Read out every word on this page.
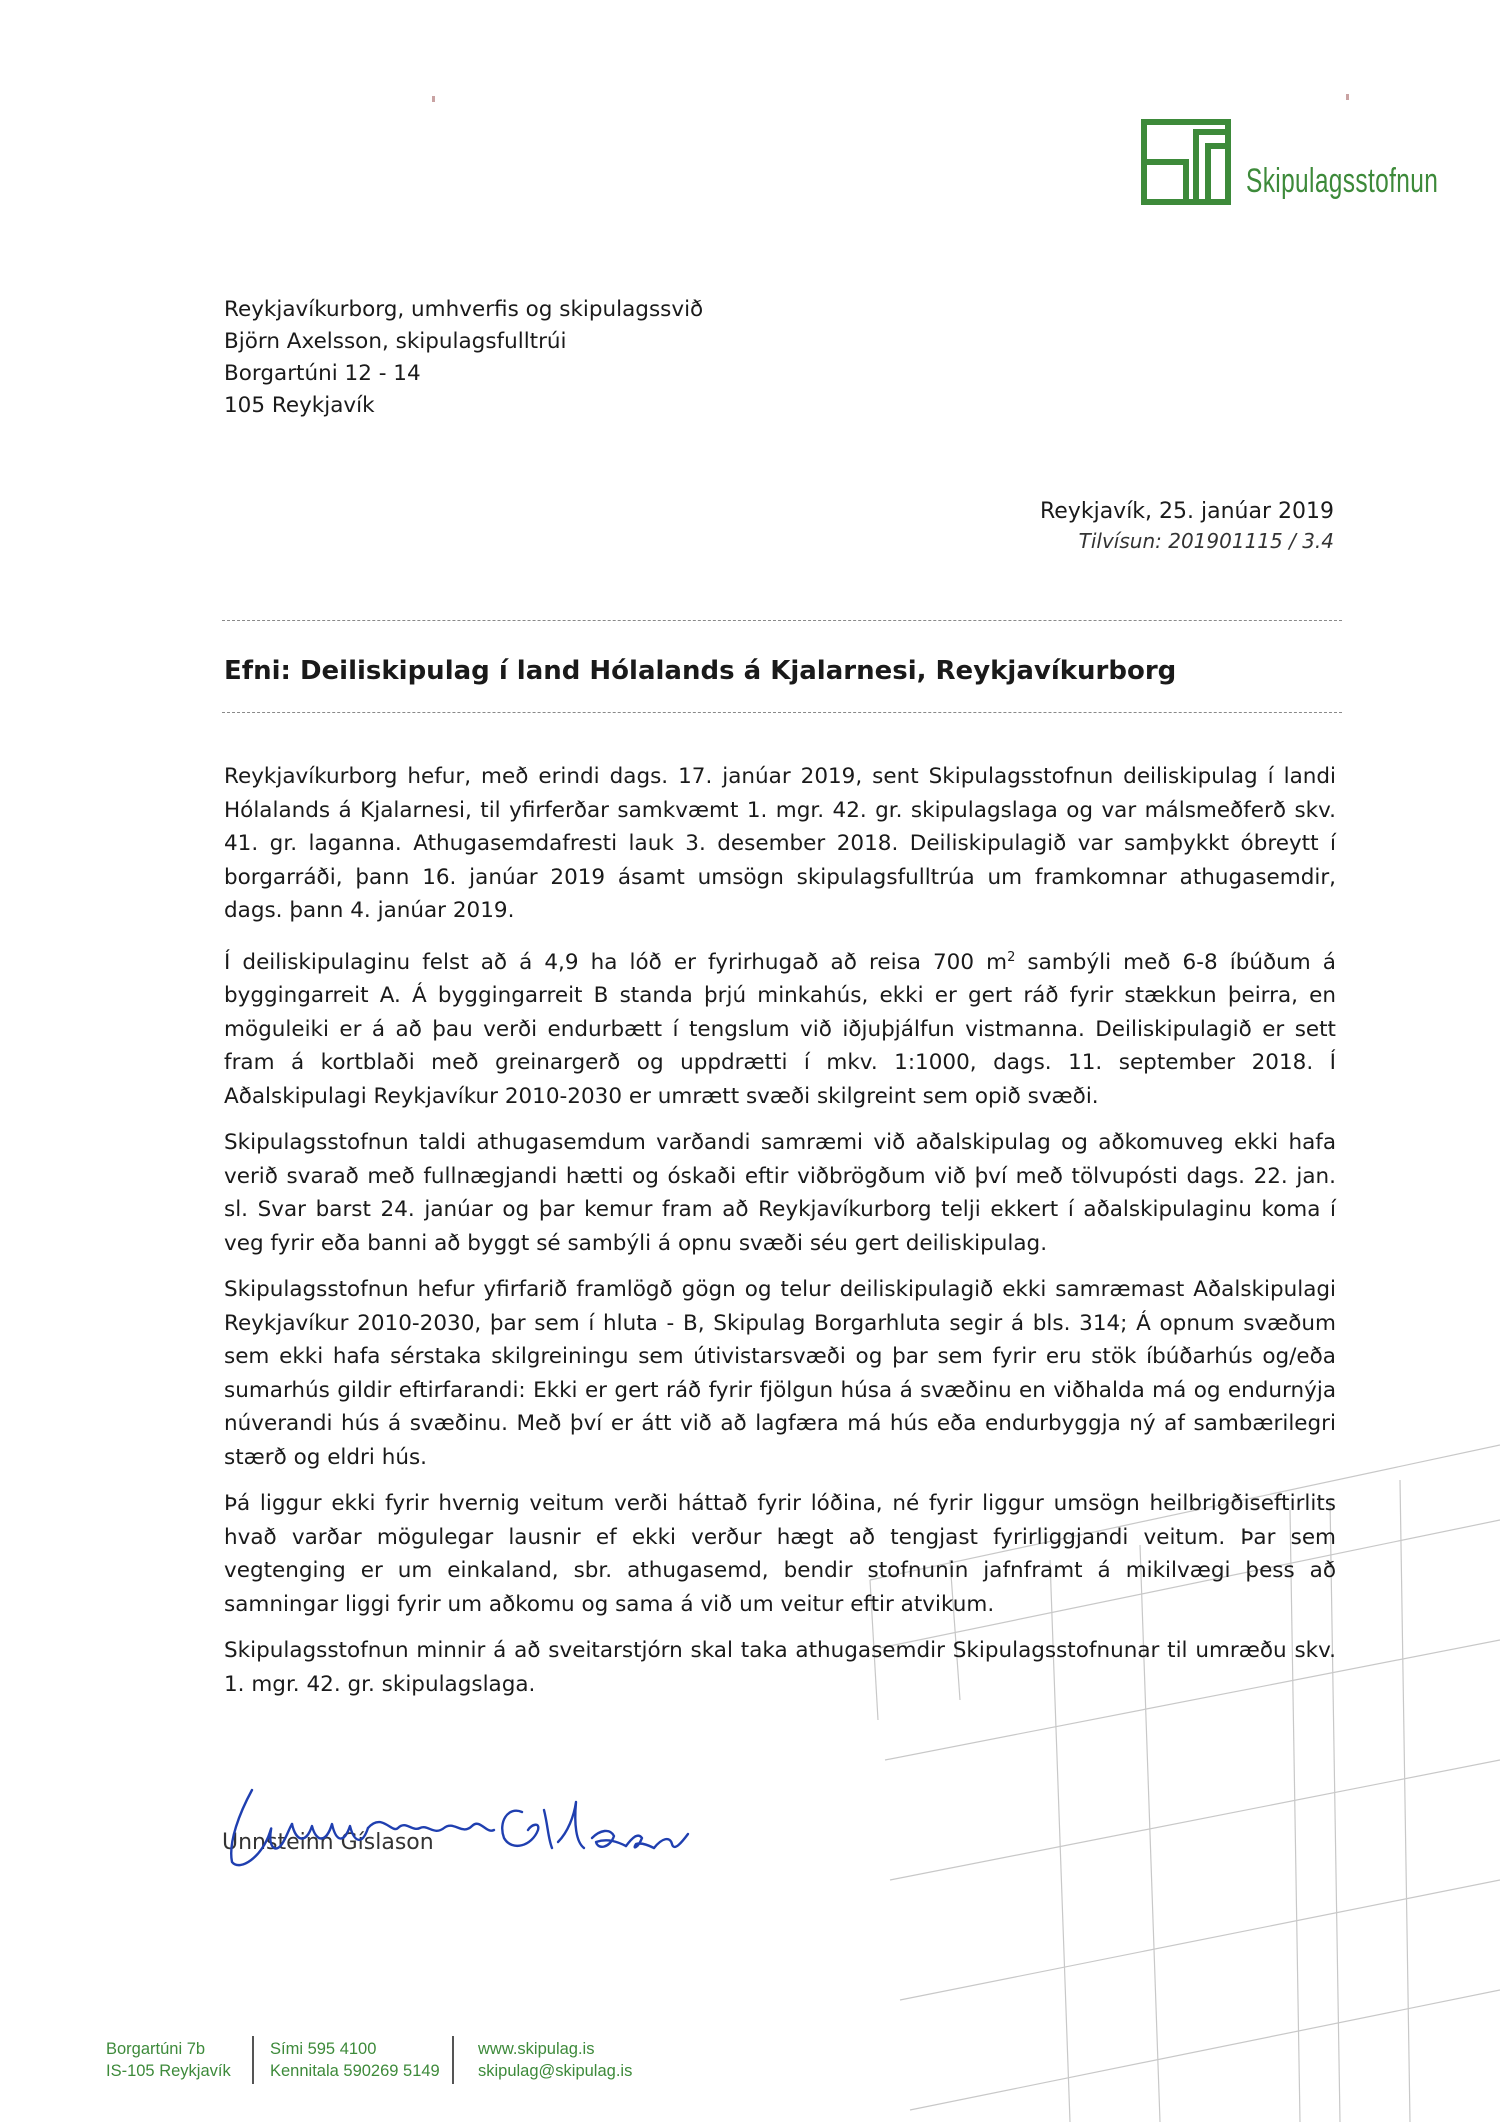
Skipulagsstofnun
Reykjavíkurborg, umhverfis og skipulagssvið
Björn Axelsson, skipulagsfulltrúi
Borgartúni 12 - 14
105 Reykjavík
Reykjavík, 25. janúar 2019
Tilvísun: 201901115 / 3.4
Efni: Deiliskipulag í land Hólalands á Kjalarnesi, Reykjavíkurborg

Reykjavíkurborg hefur, með erindi dags. 17. janúar 2019, sent Skipulagsstofnun deiliskipulag í landi Hólalands á Kjalarnesi, til yfirferðar samkvæmt 1. mgr. 42. gr. skipulagslaga og var málsmeðferð skv. 41. gr. laganna. Athugasemdafresti lauk 3. desember 2018. Deiliskipulagið var samþykkt óbreytt í borgarráði, þann 16. janúar 2019 ásamt umsögn skipulagsfulltrúa um framkomnar athugasemdir, dags. þann 4. janúar 2019.

Í deiliskipulaginu felst að á 4,9 ha lóð er fyrirhugað að reisa 700 $m^2$ sambýli með 6-8 íbúðum á byggingarreit A. Á byggingarreit B standa þrjú minkahús, ekki er gert ráð fyrir stækkun þeirra, en möguleiki er á að þau verði endurbætt í tengslum við iðjuþjálfun vistmanna. Deiliskipulagið er sett fram á kortblaði með greinargerð og uppdrætti í mkv. 1:1000, dags. 11. september 2018. Í Aðalskipulagi Reykjavíkur 2010-2030 er umrætt svæði skilgreint sem opið svæði.

Skipulagsstofnun taldi athugasemdum varðandi samræmi við aðalskipulag og aðkomuveg ekki hafa verið svarað með fullnægjandi hætti og óskaði eftir viðbrögðum við því með tölvupósti dags. 22. jan. sl. Svar barst 24. janúar og þar kemur fram að Reykjavíkurborg telji ekkert í aðalskipulaginu koma í veg fyrir eða banni að byggt sé sambýli á opnu svæði séu gert deiliskipulag.

Skipulagsstofnun hefur yfirfarið framlögð gögn og telur deiliskipulagið ekki samræmast Aðalskipulagi Reykjavíkur 2010-2030, þar sem í hluta - B, Skipulag Borgarhluta segir á bls. 314; Á opnum svæðum sem ekki hafa sérstaka skilgreiningu sem útivistarsvæði og þar sem fyrir eru stök íbúðarhús og/eða sumarhús gildir eftirfarandi: Ekki er gert ráð fyrir fjölgun húsa á svæðinu en viðhalda má og endurnýja núverandi hús á svæðinu. Með því er átt við að lagfæra má hús eða endurbyggja ný af sambærilegri stærð og eldri hús.

Þá liggur ekki fyrir hvernig veitum verði háttað fyrir lóðina, né fyrir liggur umsögn heilbrigðiseftirlits hvað varðar mögulegar lausnir ef ekki verður hægt að tengjast fyrirliggjandi veitum. Þar sem vegtenging er um einkaland, sbr. athugasemd, bendir stofnunin jafnframt á mikilvægi þess að samningar liggi fyrir um aðkomu og sama á við um veitur eftir atvikum.

Skipulagsstofnun minnir á að sveitarstjórn skal taka athugasemdir Skipulagsstofnunar til umræðu skv. 1. mgr. 42. gr. skipulagslaga.

Unnsteinn Gíslason
Borgartúni 7b
IS-105 Reykjavík
Sími 595 4100
Kennitala 590269 5149
www.skipulag.is
skipulag@skipulag.is
